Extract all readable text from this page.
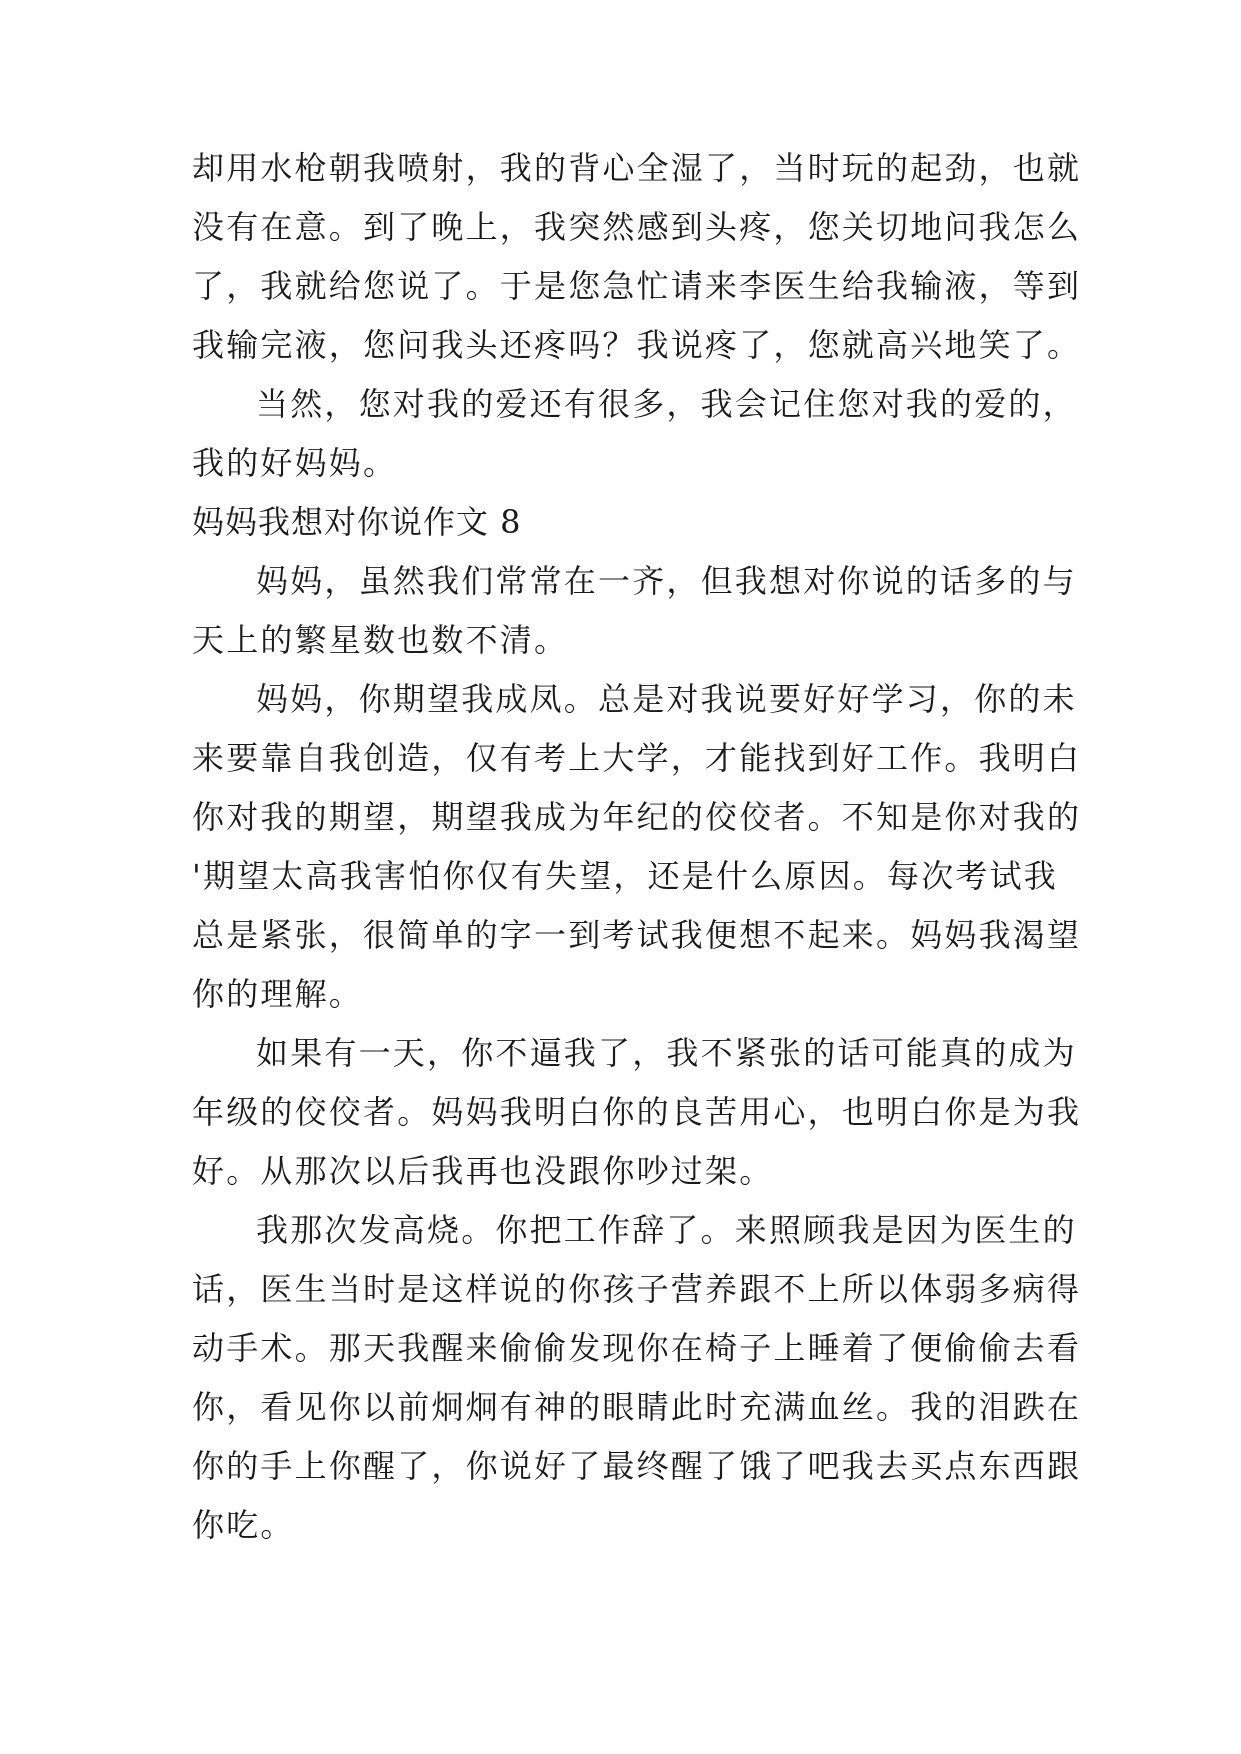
却用水枪朝我喷射，我的背心全湿了，当时玩的起劲，也就
没有在意。到了晚上，我突然感到头疼，您关切地问我怎么
了，我就给您说了。于是您急忙请来李医生给我输液，等到
我输完液，您问我头还疼吗？我说疼了，您就高兴地笑了。
当然，您对我的爱还有很多，我会记住您对我的爱的，
我的好妈妈。
妈妈我想对你说作文 8
妈妈，虽然我们常常在一齐，但我想对你说的话多的与
天上的繁星数也数不清。
妈妈，你期望我成凤。总是对我说要好好学习，你的未
来要靠自我创造，仅有考上大学，才能找到好工作。我明白
你对我的期望，期望我成为年纪的佼佼者。不知是你对我的
'期望太高我害怕你仅有失望，还是什么原因。每次考试我
总是紧张，很简单的字一到考试我便想不起来。妈妈我渴望
你的理解。
如果有一天，你不逼我了，我不紧张的话可能真的成为
年级的佼佼者。妈妈我明白你的良苦用心，也明白你是为我
好。从那次以后我再也没跟你吵过架。
我那次发高烧。你把工作辞了。来照顾我是因为医生的
话，医生当时是这样说的你孩子营养跟不上所以体弱多病得
动手术。那天我醒来偷偷发现你在椅子上睡着了便偷偷去看
你，看见你以前炯炯有神的眼睛此时充满血丝。我的泪跌在
你的手上你醒了，你说好了最终醒了饿了吧我去买点东西跟
你吃。
